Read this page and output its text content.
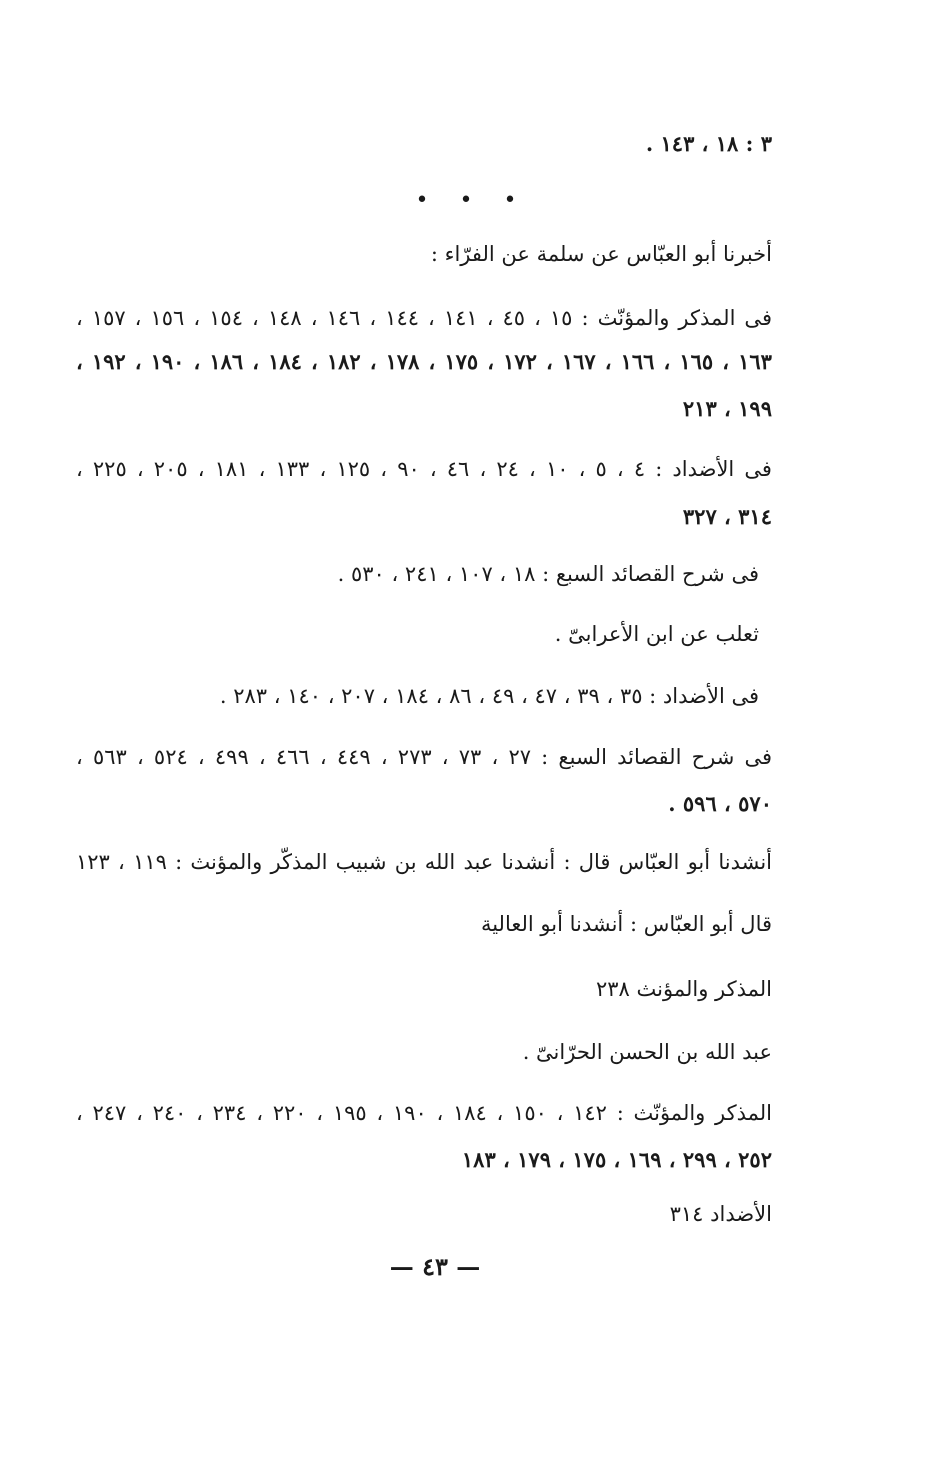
٣ : ١٨ ، ١٤٣ .
• • •
أخبرنا أبو العبّاس عن سلمة عن الفرّاء :
فى المذكر والمؤنّث : ١٥ ، ٤٥ ، ١٤١ ، ١٤٤ ، ١٤٦ ، ١٤٨ ، ١٥٤ ، ١٥٦ ، ١٥٧ ،
١٦٣ ، ١٦٥ ، ١٦٦ ، ١٦٧ ، ١٧٢ ، ١٧٥ ، ١٧٨ ، ١٨٢ ، ١٨٤ ، ١٨٦ ، ١٩٠ ، ١٩٢ ،
١٩٩ ، ٢١٣
فى الأضداد : ٤ ، ٥ ، ١٠ ، ٢٤ ، ٤٦ ، ٩٠ ، ١٢٥ ، ١٣٣ ، ١٨١ ، ٢٠٥ ، ٢٢٥ ،
٣١٤ ، ٣٢٧
فى شرح القصائد السبع : ١٨ ، ١٠٧ ، ٢٤١ ، ٥٣٠ .
ثعلب عن ابن الأعرابىّ .
فى الأضداد : ٣٥ ، ٣٩ ، ٤٧ ، ٤٩ ، ٨٦ ، ١٨٤ ، ٢٠٧ ، ١٤٠ ، ٢٨٣ .
فى شرح القصائد السبع : ٢٧ ، ٧٣ ، ٢٧٣ ، ٤٤٩ ، ٤٦٦ ، ٤٩٩ ، ٥٢٤ ، ٥٦٣ ،
٥٧٠ ، ٥٩٦ .
أنشدنا أبو العبّاس قال : أنشدنا عبد الله بن شبيب المذكّر والمؤنث : ١١٩ ، ١٢٣
قال أبو العبّاس : أنشدنا أبو العالية
المذكر والمؤنث ٢٣٨
عبد الله بن الحسن الحرّانىّ .
المذكر والمؤنّث : ١٤٢ ، ١٥٠ ، ١٨٤ ، ١٩٠ ، ١٩٥ ، ٢٢٠ ، ٢٣٤ ، ٢٤٠ ، ٢٤٧ ،
٢٥٢ ، ٢٩٩ ، ١٦٩ ، ١٧٥ ، ١٧٩ ، ١٨٣
الأضداد ٣١٤
— ٤٣ —
